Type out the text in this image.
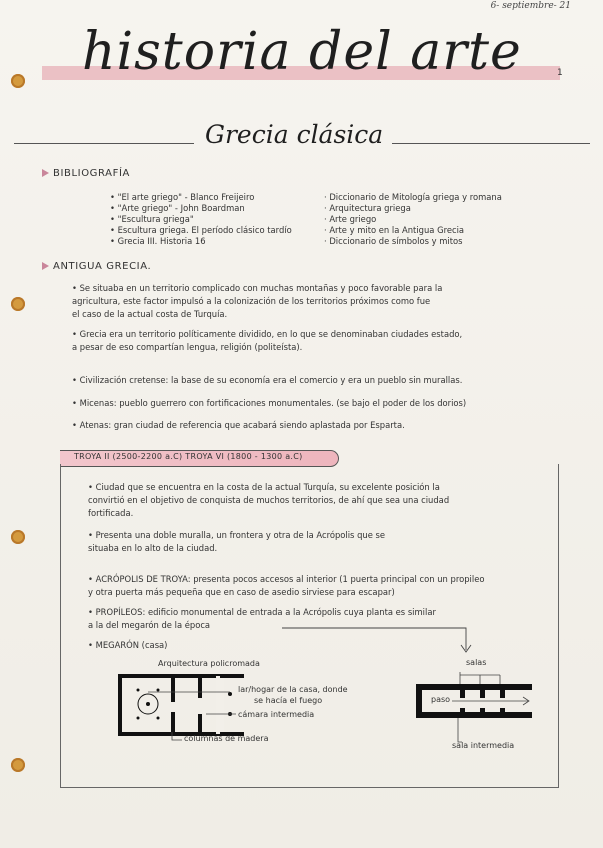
6- septiembre- 21
historia del arte	1
Grecia clásica
BIBLIOGRAFÍA
• "El arte griego" - Blanco Freijeiro
• "Arte griego" - John Boardman
• "Escultura griega"
• Escultura griega. El período clásico tardío
• Grecia III. Historia 16
· Diccionario de Mitología griega y romana
· Arquitectura griega
· Arte griego
· Arte y mito en la Antigua Grecia
· Diccionario de símbolos y mitos
ANTIGUA GRECIA.
• Se situaba en un territorio complicado con muchas montañas y poco favorable para la
agricultura, este factor impulsó a la colonización de los territorios próximos como fue
el caso de la actual costa de Turquía.
• Grecia era un territorio políticamente dividido, en lo que se denominaban ciudades estado,
a pesar de eso compartían lengua, religión (politeísta).
• Civilización cretense: la base de su economía era el comercio y era un pueblo sin murallas.
• Micenas: pueblo guerrero con fortificaciones monumentales. (se bajo el poder de los dorios)
• Atenas: gran ciudad de referencia que acabará siendo aplastada por Esparta.
TROYA II (2500-2200 a.C) TROYA VI (1800 - 1300 a.C)
• Ciudad que se encuentra en la costa de la actual Turquía, su excelente posición la
convirtió en el objetivo de conquista de muchos territorios, de ahí que sea una ciudad
fortificada.
• Presenta una doble muralla, un frontera y otra de la Acrópolis que se
situaba en lo alto de la ciudad.
• ACRÓPOLIS DE TROYA: presenta pocos accesos al interior (1 puerta principal con un propileo
y otra puerta más pequeña que en caso de asedio sirviese para escapar)
• PROPÍLEOS: edificio monumental de entrada a la Acrópolis cuya planta es similar
a la del megarón de la época
• MEGARÓN (casa)
Arquitectura policromada
lar/hogar de la casa, donde
se hacía el fuego
cámara intermedia
columnas de madera
salas
paso
sala intermedia
